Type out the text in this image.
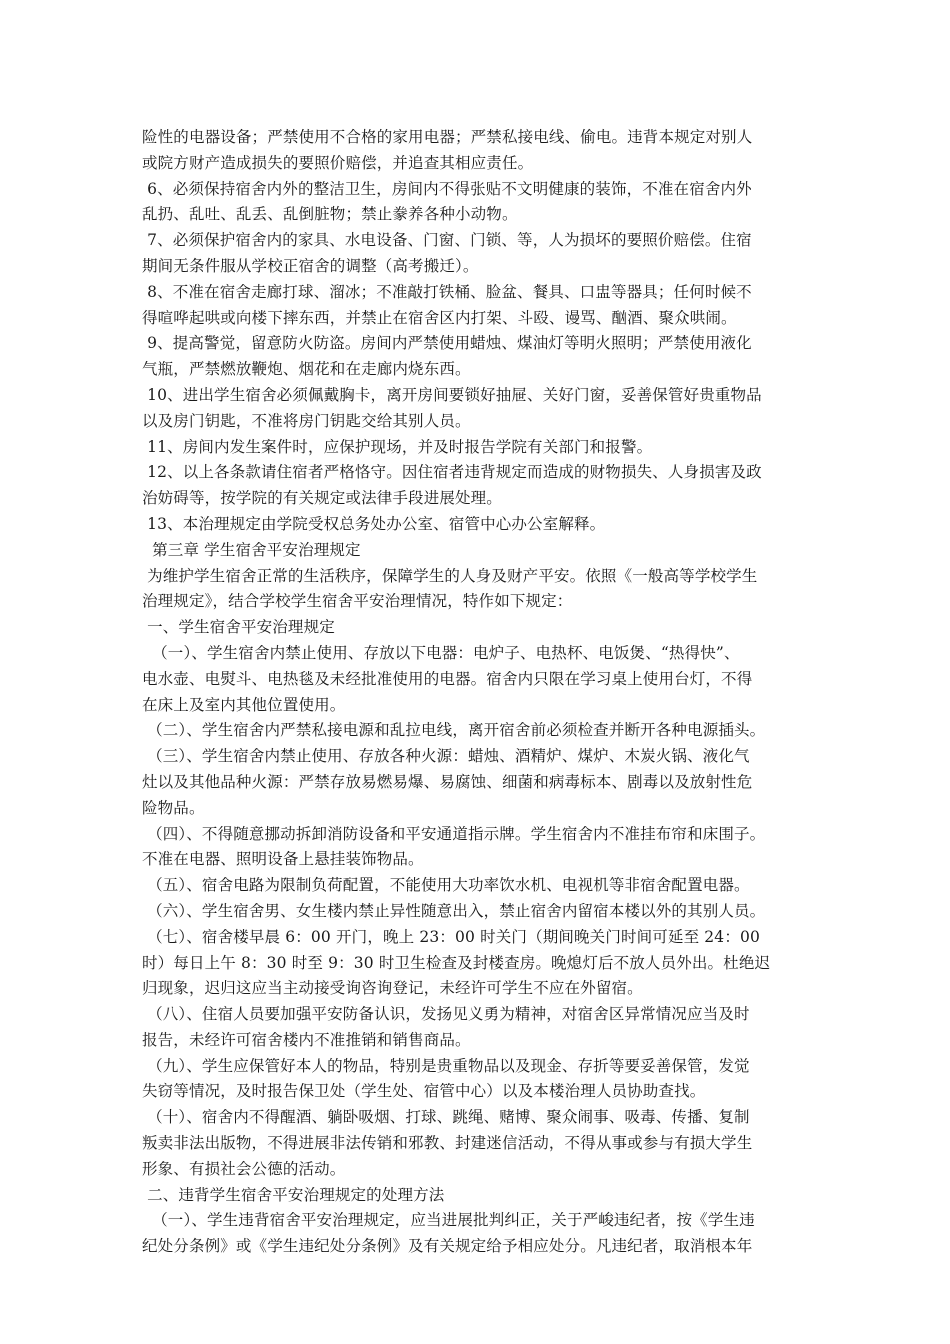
险性的电器设备；严禁使用不合格的家用电器；严禁私接电线、偷电。违背本规定对别人
或院方财产造成损失的要照价赔偿，并追查其相应责任。
6、必须保持宿舍内外的整洁卫生，房间内不得张贴不文明健康的装饰，不准在宿舍内外
乱扔、乱吐、乱丢、乱倒脏物；禁止豢养各种小动物。
7、必须保护宿舍内的家具、水电设备、门窗、门锁、等，人为损坏的要照价赔偿。住宿
期间无条件服从学校正宿舍的调整（高考搬迁）。
8、不准在宿舍走廊打球、溜冰；不准敲打铁桶、脸盆、餐具、口盅等器具；任何时候不
得喧哗起哄或向楼下摔东西，并禁止在宿舍区内打架、斗殴、谩骂、酗酒、聚众哄闹。
9、提高警觉，留意防火防盗。房间内严禁使用蜡烛、煤油灯等明火照明；严禁使用液化
气瓶，严禁燃放鞭炮、烟花和在走廊内烧东西。
10、进出学生宿舍必须佩戴胸卡，离开房间要锁好抽屉、关好门窗，妥善保管好贵重物品
以及房门钥匙，不准将房门钥匙交给其别人员。
11、房间内发生案件时，应保护现场，并及时报告学院有关部门和报警。
12、以上各条款请住宿者严格恪守。因住宿者违背规定而造成的财物损失、人身损害及政
治妨碍等，按学院的有关规定或法律手段进展处理。
13、本治理规定由学院受权总务处办公室、宿管中心办公室解释。
第三章 学生宿舍平安治理规定
为维护学生宿舍正常的生活秩序，保障学生的人身及财产平安。依照《一般高等学校学生
治理规定》，结合学校学生宿舍平安治理情况，特作如下规定：
一、学生宿舍平安治理规定
（一）、学生宿舍内禁止使用、存放以下电器：电炉子、电热杯、电饭煲、“热得快”、
电水壶、电熨斗、电热毯及未经批准使用的电器。宿舍内只限在学习桌上使用台灯，不得
在床上及室内其他位置使用。
（二）、学生宿舍内严禁私接电源和乱拉电线，离开宿舍前必须检查并断开各种电源插头。
（三）、学生宿舍内禁止使用、存放各种火源：蜡烛、酒精炉、煤炉、木炭火锅、液化气
灶以及其他品种火源：严禁存放易燃易爆、易腐蚀、细菌和病毒标本、剧毒以及放射性危
险物品。
（四）、不得随意挪动拆卸消防设备和平安通道指示牌。学生宿舍内不准挂布帘和床围子。
不准在电器、照明设备上悬挂装饰物品。
（五）、宿舍电路为限制负荷配置，不能使用大功率饮水机、电视机等非宿舍配置电器。
（六）、学生宿舍男、女生楼内禁止异性随意出入，禁止宿舍内留宿本楼以外的其别人员。
（七）、宿舍楼早晨 6：00 开门，晚上 23：00 时关门（期间晚关门时间可延至 24：00
时）每日上午 8：30 时至 9：30 时卫生检查及封楼查房。晚熄灯后不放人员外出。杜绝迟
归现象，迟归这应当主动接受询咨询登记，未经许可学生不应在外留宿。
（八）、住宿人员要加强平安防备认识，发扬见义勇为精神，对宿舍区异常情况应当及时
报告，未经许可宿舍楼内不准推销和销售商品。
（九）、学生应保管好本人的物品，特别是贵重物品以及现金、存折等要妥善保管，发觉
失窃等情况，及时报告保卫处（学生处、宿管中心）以及本楼治理人员协助查找。
（十）、宿舍内不得醒酒、躺卧吸烟、打球、跳绳、赌博、聚众闹事、吸毒、传播、复制
叛卖非法出版物，不得进展非法传销和邪教、封建迷信活动，不得从事或参与有损大学生
形象、有损社会公德的活动。
二、违背学生宿舍平安治理规定的处理方法
（一）、学生违背宿舍平安治理规定，应当进展批判纠正，关于严峻违纪者，按《学生违
纪处分条例》或《学生违纪处分条例》及有关规定给予相应处分。凡违纪者，取消根本年
